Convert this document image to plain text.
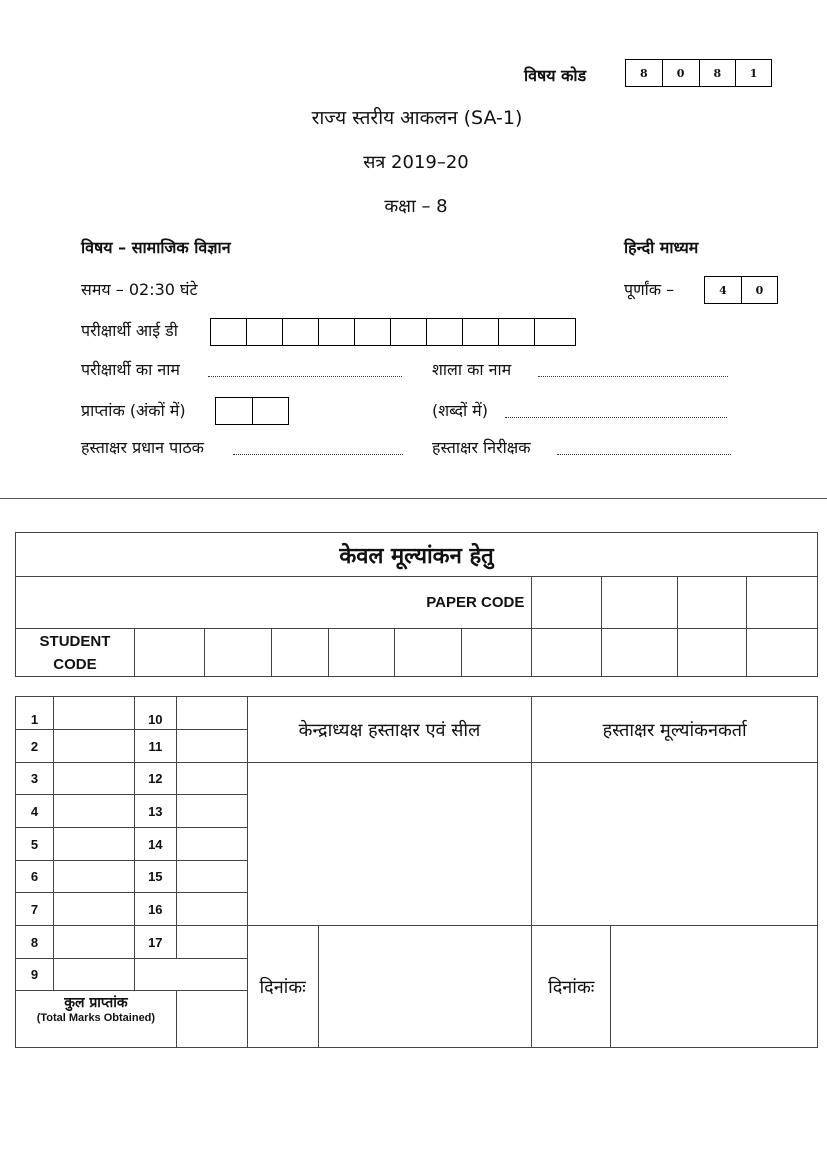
विषय कोड	8	0	8	1
राज्य स्तरीय आकलन (SA-1)
सत्र 2019–20
कक्षा – 8
विषय – सामाजिक विज्ञान	हिन्दी माध्यम
समय – 02:30 घंटे	पूर्णांक –	4	0
परीक्षार्थी आई डी
परीक्षार्थी का नाम	शाला का नाम
प्राप्तांक (अंकों में)	(शब्दों में)
हस्ताक्षर प्रधान पाठक	हस्ताक्षर निरीक्षक
केवल मूल्यांकन हेतु										
PAPER CODE										

STUDENT
CODE										

1		10		केन्द्राध्यक्ष हस्ताक्षर एवं सील		हस्ताक्षर मूल्यांकनकर्ता	
2		11					
3		12					
4		13					
5		14					
6		15					
7		16					
8		17		दिनांकः		दिनांकः	
9							

कुल प्राप्तांक
(Total Marks Obtained)							
